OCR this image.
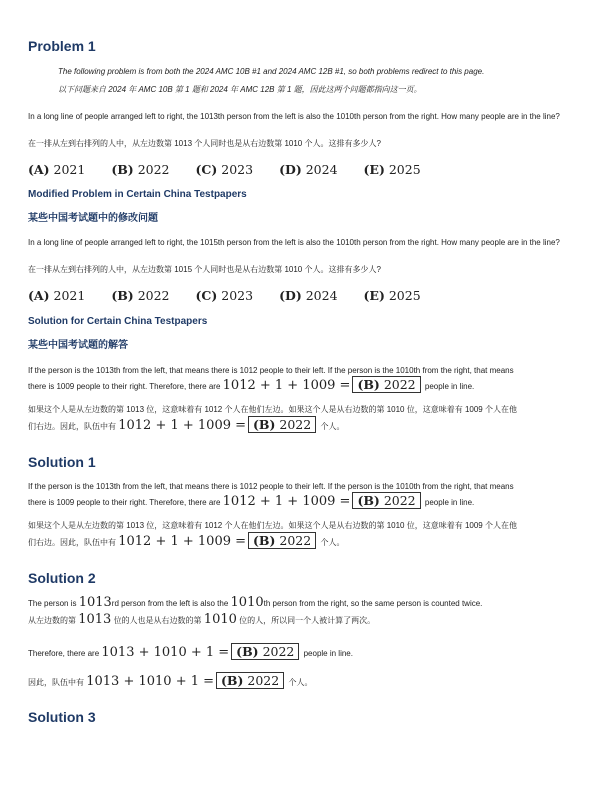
Problem 1

The following problem is from both the 2024 AMC 10B #1 and 2024 AMC 12B #1, so both problems redirect to this page.

以下问题来自 2024 年 AMC 10B 第 1 题和 2024 年 AMC 12B 第 1 题，因此这两个问题都指向这一页。

In a long line of people arranged left to right, the 1013th person from the left is also the 1010th person from the right. How many people are in the line?

在一排从左到右排列的人中，从左边数第 1013 个人同时也是从右边数第 1010 个人。这排有多少人?

(A) 2021 (B) 2022 (C) 2023 (D) 2024 (E) 2025
Modified Problem in Certain China Testpapers
某些中国考试题中的修改问题

In a long line of people arranged left to right, the 1015th person from the left is also the 1010th person from the right. How many people are in the line?

在一排从左到右排列的人中，从左边数第 1015 个人同时也是从右边数第 1010 个人。这排有多少人?

(A) 2021 (B) 2022 (C) 2023 (D) 2024 (E) 2025
Solution for Certain China Testpapers
某些中国考试题的解答

If the person is the 1013th from the left, that means there is 1012 people to their left. If the person is the 1010th from the right, that means

there is 1009 people to their right. Therefore, there are 1012 + 1 + 1009 = (B) 2022 people in line.

如果这个人是从左边数的第 1013 位，这意味着有 1012 个人在他们左边。如果这个人是从右边数的第 1010 位，这意味着有 1009 个人在他

们右边。因此，队伍中有 1012 + 1 + 1009 = (B) 2022 个人。
Solution 1

If the person is the 1013th from the left, that means there is 1012 people to their left. If the person is the 1010th from the right, that means

there is 1009 people to their right. Therefore, there are 1012 + 1 + 1009 = (B) 2022 people in line.

如果这个人是从左边数的第 1013 位，这意味着有 1012 个人在他们左边。如果这个人是从右边数的第 1010 位，这意味着有 1009 个人在他

们右边。因此，队伍中有 1012 + 1 + 1009 = (B) 2022 个人。
Solution 2
The person is 1013rd person from the left is also the 1010th person from the right, so the same person is counted twice.
从左边数的第 1013 位的人也是从右边数的第 1010 位的人，所以同一个人被计算了两次。
Therefore, there are 1013 + 1010 + 1 = (B) 2022 people in line.
因此，队伍中有 1013 + 1010 + 1 = (B) 2022 个人。
Solution 3
